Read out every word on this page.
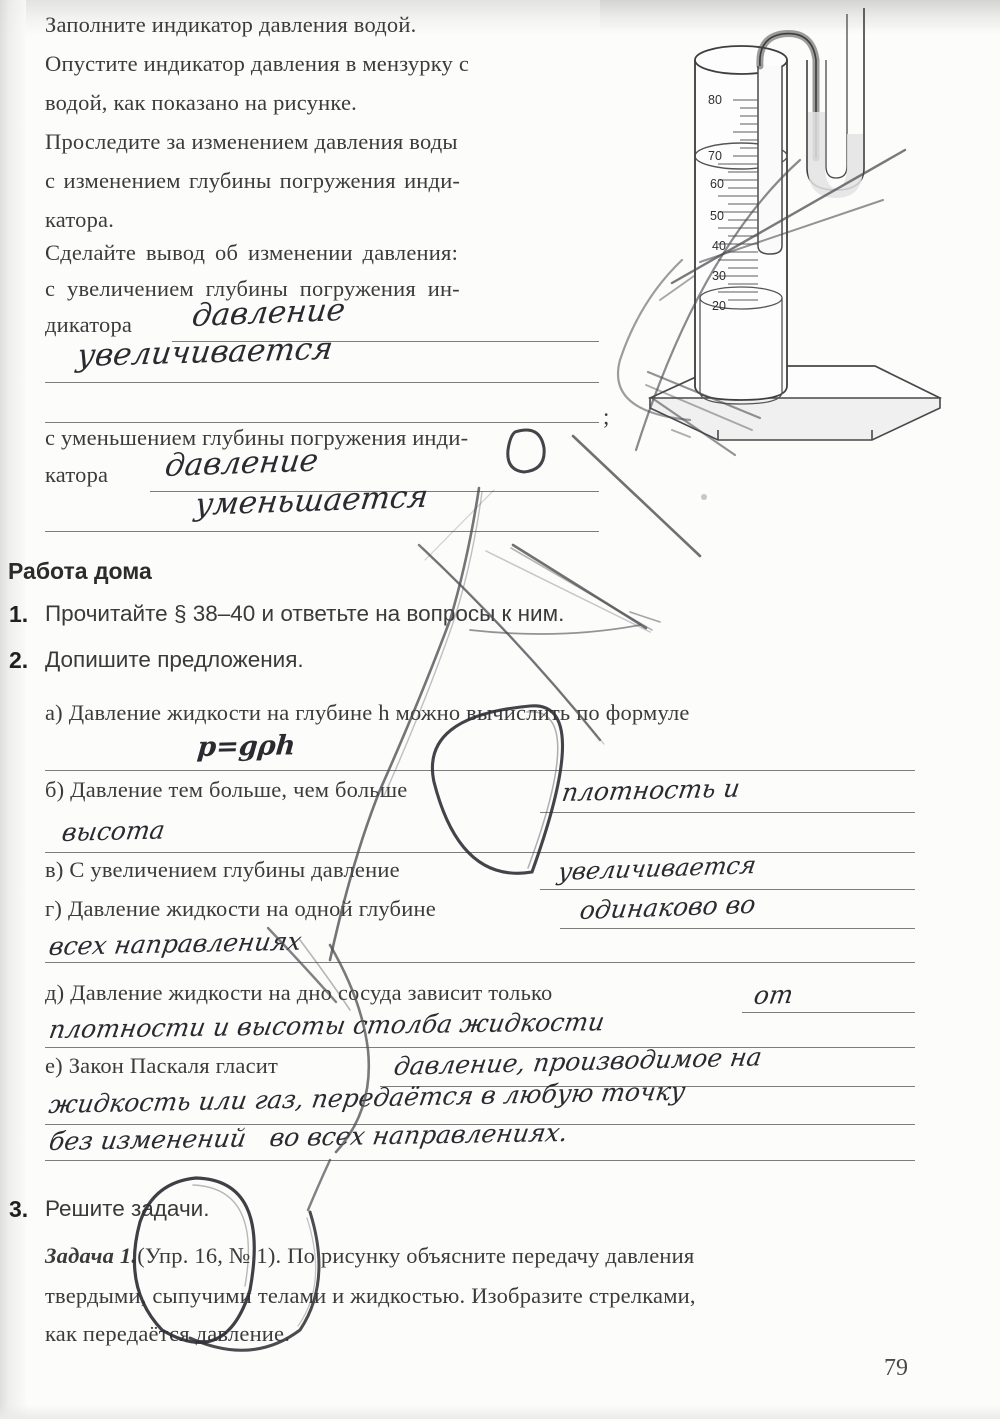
80
70
60
50
40
30
20
Заполните индикатор давления водой.
Опустите индикатор давления в мензурку с
водой, как показано на рисунке.
Проследите за изменением давления воды
с изменением глубины погружения инди-
катора.
Сделайте вывод об изменении давления:
с увеличением глубины погружения ин-
дикатора
;
с уменьшением глубины погружения инди-
катора
Работа дома
1. Прочитайте § 38–40 и ответьте на вопросы к ним.
2. Допишите предложения.
а) Давление жидкости на глубине h можно вычислить по формуле
б) Давление тем больше, чем больше
в) С увеличением глубины давление
г) Давление жидкости на одной глубине
д) Давление жидкости на дно сосуда зависит только
е) Закон Паскаля гласит
3. Решите задачи.
Задача 1.(Упр. 16, № 1). По рисунку объясните передачу давления
твердыми, сыпучими телами и жидкостью. Изобразите стрелками,
как передаётся давление.
79
давление
увеличивается
давление
уменьшается
p=gρh
плотность и
высота
увеличивается
одинаково во
всех направлениях
от
плотности и высоты столба жидкости
давление, производимое на
жидкость или газ, передаётся в любую точку
без изменений   во всех направлениях.
